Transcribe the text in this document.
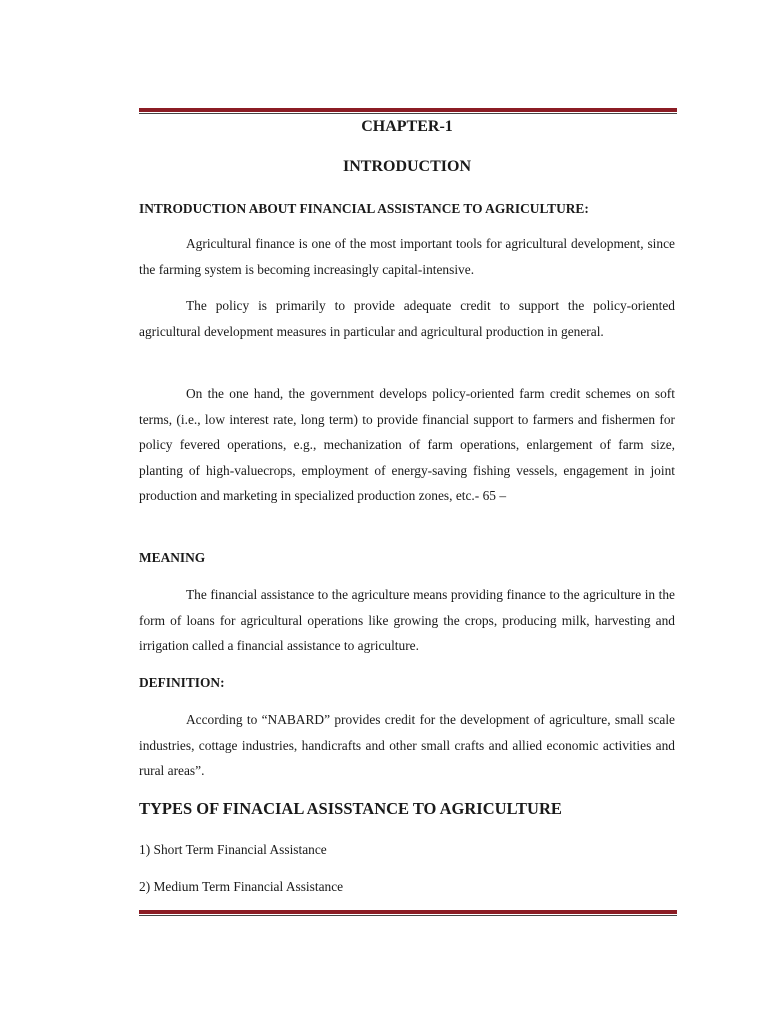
CHAPTER-1
INTRODUCTION
INTRODUCTION ABOUT FINANCIAL ASSISTANCE TO AGRICULTURE:

Agricultural finance is one of the most important tools for agricultural development, since the farming system is becoming increasingly capital-intensive.

The policy is primarily to provide adequate credit to support the policy-oriented agricultural development measures in particular and agricultural production in general.

On the one hand, the government develops policy-oriented farm credit schemes on soft terms, (i.e., low interest rate, long term) to provide financial support to farmers and fishermen for policy fevered operations, e.g., mechanization of farm operations, enlargement of farm size, planting of high-valuecrops, employment of energy-saving fishing vessels, engagement in joint production and marketing in specialized production zones, etc.- 65 –

MEANING

The financial assistance to the agriculture means providing finance to the agriculture in the form of loans for agricultural operations like growing the crops, producing milk, harvesting and irrigation called a financial assistance to agriculture.

DEFINITION:

According to “NABARD” provides credit for the development of agriculture, small scale industries, cottage industries, handicrafts and other small crafts and allied economic activities and rural areas”.

TYPES OF FINACIAL ASISSTANCE TO AGRICULTURE

1) Short Term Financial Assistance

2) Medium Term Financial Assistance
